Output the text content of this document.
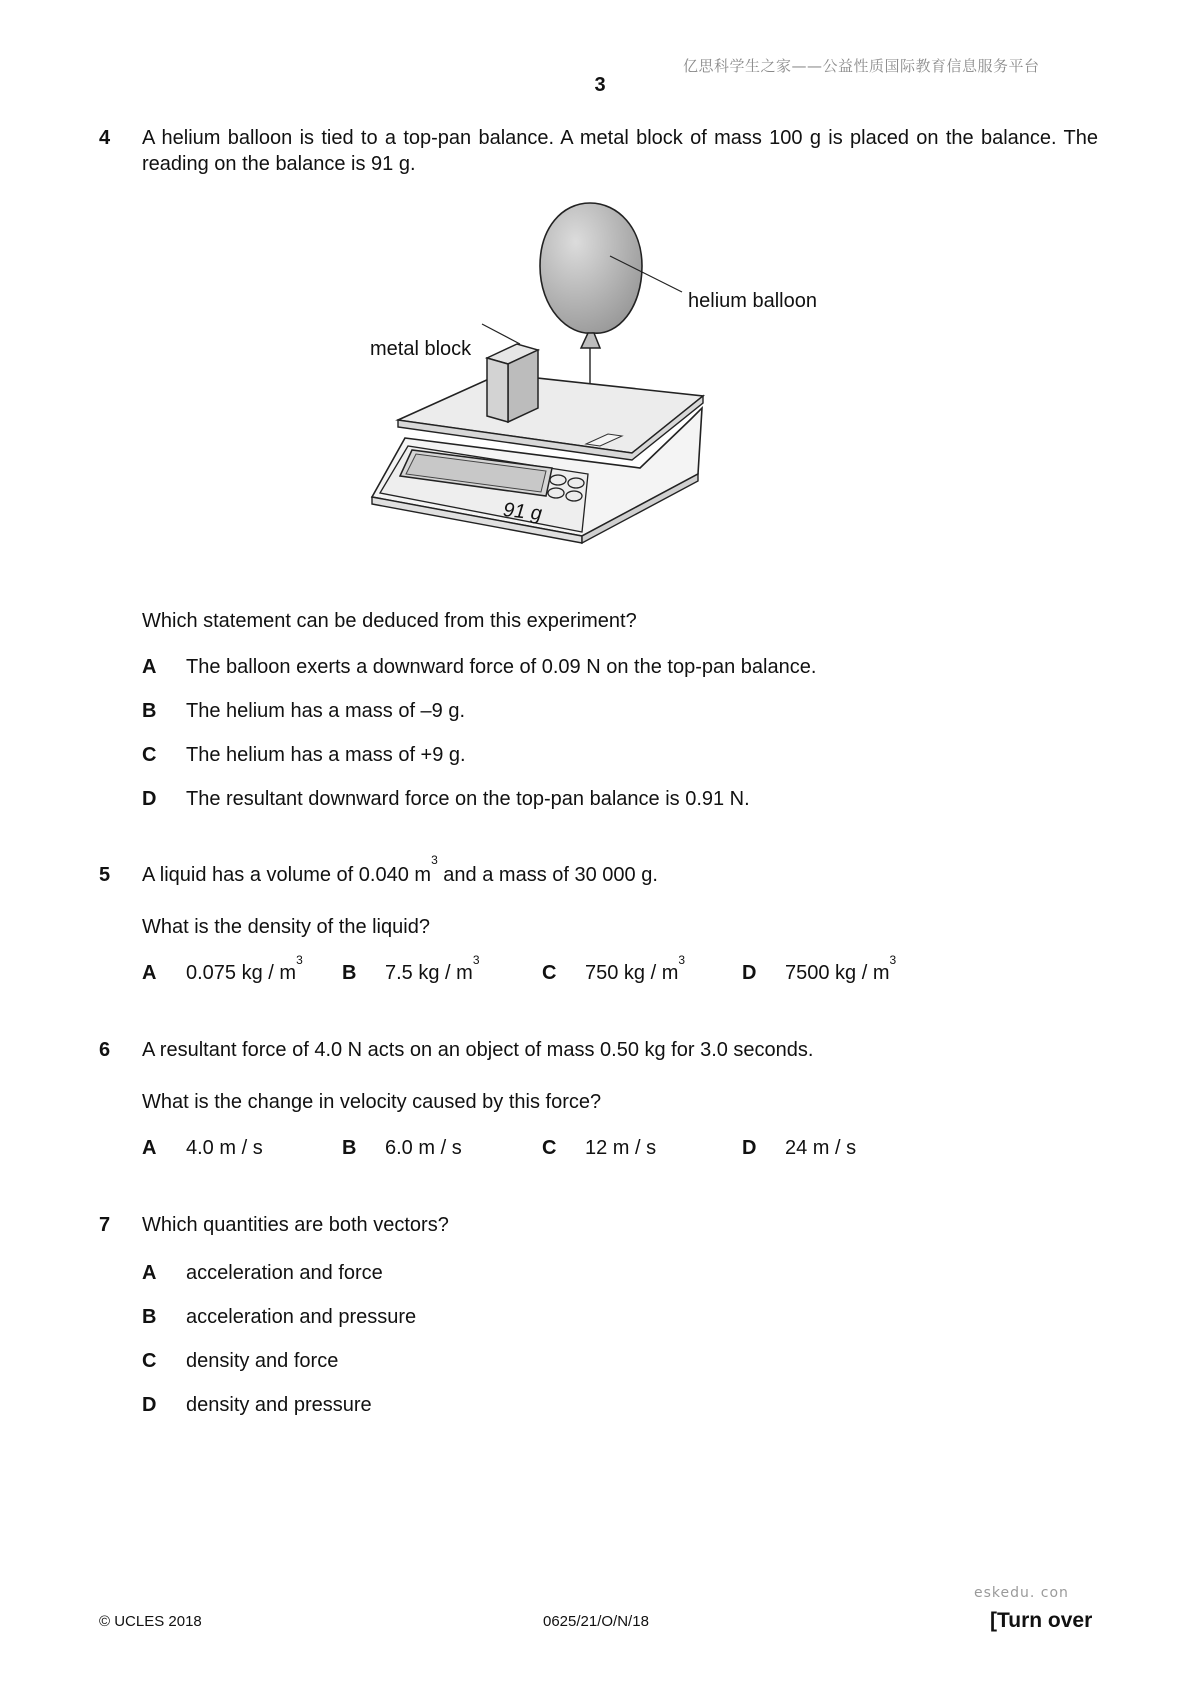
亿思科学生之家——公益性质国际教育信息服务平台
3
4 A helium balloon is tied to a top-pan balance. A metal block of mass 100 g is placed on the balance. The reading on the balance is 91 g.
helium balloon
metal block
91 g
Which statement can be deduced from this experiment?
A The balloon exerts a downward force of 0.09 N on the top-pan balance.
B The helium has a mass of –9 g.
C The helium has a mass of +9 g.
D The resultant downward force on the top-pan balance is 0.91 N.
5 A liquid has a volume of 0.040 $m^3$ and a mass of 30 000 g.
What is the density of the liquid?
A 0.075 kg / $m^3$
B 7.5 kg / $m^3$
C 750 kg / $m^3$
D 7500 kg / $m^3$
6 A resultant force of 4.0 N acts on an object of mass 0.50 kg for 3.0 seconds.
What is the change in velocity caused by this force?
A 4.0 m / s	B 6.0 m / s	C 12 m / s	D 24 m / s
7 Which quantities are both vectors?
A acceleration and force
B acceleration and pressure
C density and force
D density and pressure
eskedu. con
© UCLES 2018	0625/21/O/N/18	[Turn over
